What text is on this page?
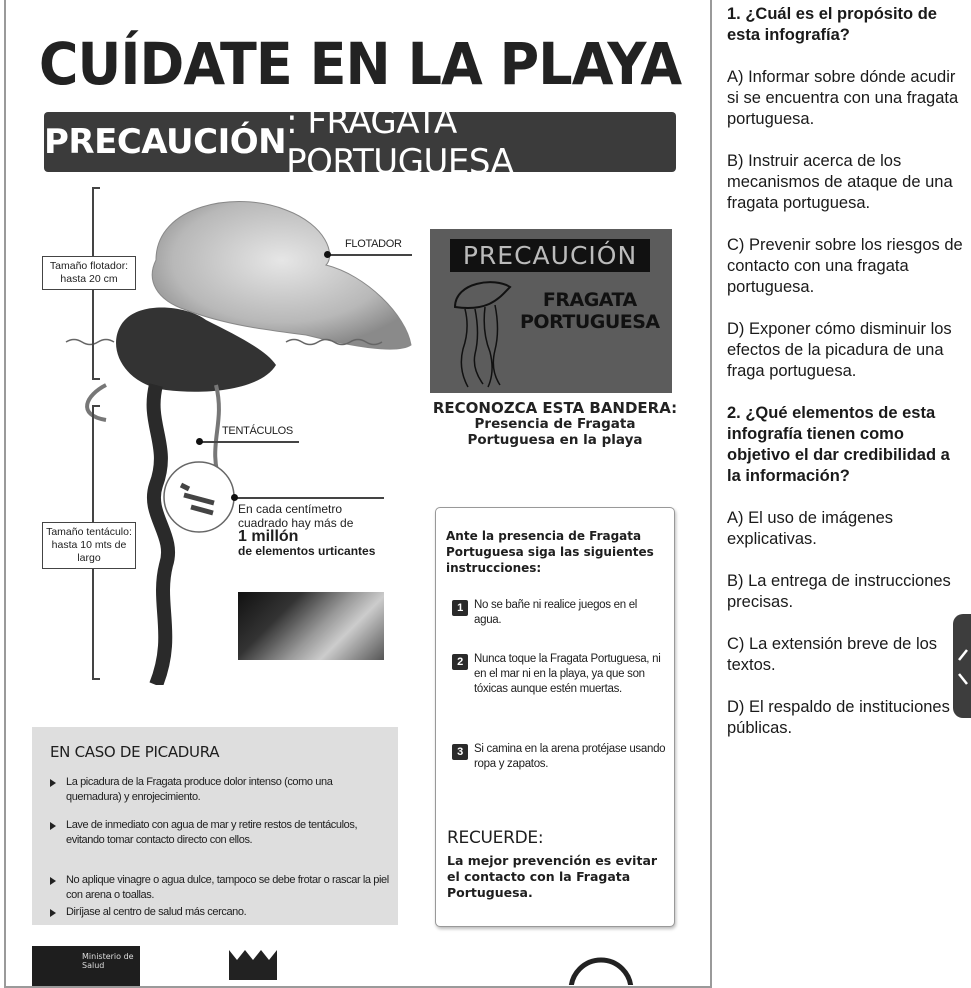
CUÍDATE EN LA PLAYA
PRECAUCIÓN : FRAGATA PORTUGUESA
Tamaño flotador: hasta 20 cm
Tamaño tentáculo: hasta 10 mts de largo
FLOTADOR
TENTÁCULOS
En cada centímetro
cuadrado hay más de
1 millón
de elementos urticantes
PRECAUCIÓN
FRAGATA
PORTUGUESA
RECONOZCA ESTA BANDERA:
Presencia de Fragata Portuguesa en la playa
Ante la presencia de Fragata Portuguesa siga las siguientes instrucciones:
1 No se bañe ni realice juegos en el agua.
2 Nunca toque la Fragata Portuguesa, ni en el mar ni en la playa, ya que son tóxicas aunque estén muertas.
3 Si camina en la arena protéjase usando ropa y zapatos.
RECUERDE:
La mejor prevención es evitar el contacto con la Fragata Portuguesa.
EN CASO DE PICADURA
La picadura de la Fragata produce dolor intenso (como una quemadura) y enrojecimiento.
Lave de inmediato con agua de mar y retire restos de tentáculos, evitando tomar contacto directo con ellos.
No aplique vinagre o agua dulce, tampoco se debe frotar o rascar la piel con arena o toallas.
Diríjase al centro de salud más cercano.
Ministerio de Salud
1. ¿Cuál es el propósito de esta infografía?
A) Informar sobre dónde acudir si se encuentra con una fragata portuguesa.
B) Instruir acerca de los mecanismos de ataque de una fragata portuguesa.
C) Prevenir sobre los riesgos de contacto con una fragata portuguesa.
D) Exponer cómo disminuir los efectos de la picadura de una fraga portuguesa.
2. ¿Qué elementos de esta infografía tienen como objetivo el dar credibilidad a la información?
A) El uso de imágenes explicativas.
B) La entrega de instrucciones precisas.
C) La extensión breve de los textos.
D) El respaldo de instituciones públicas.
